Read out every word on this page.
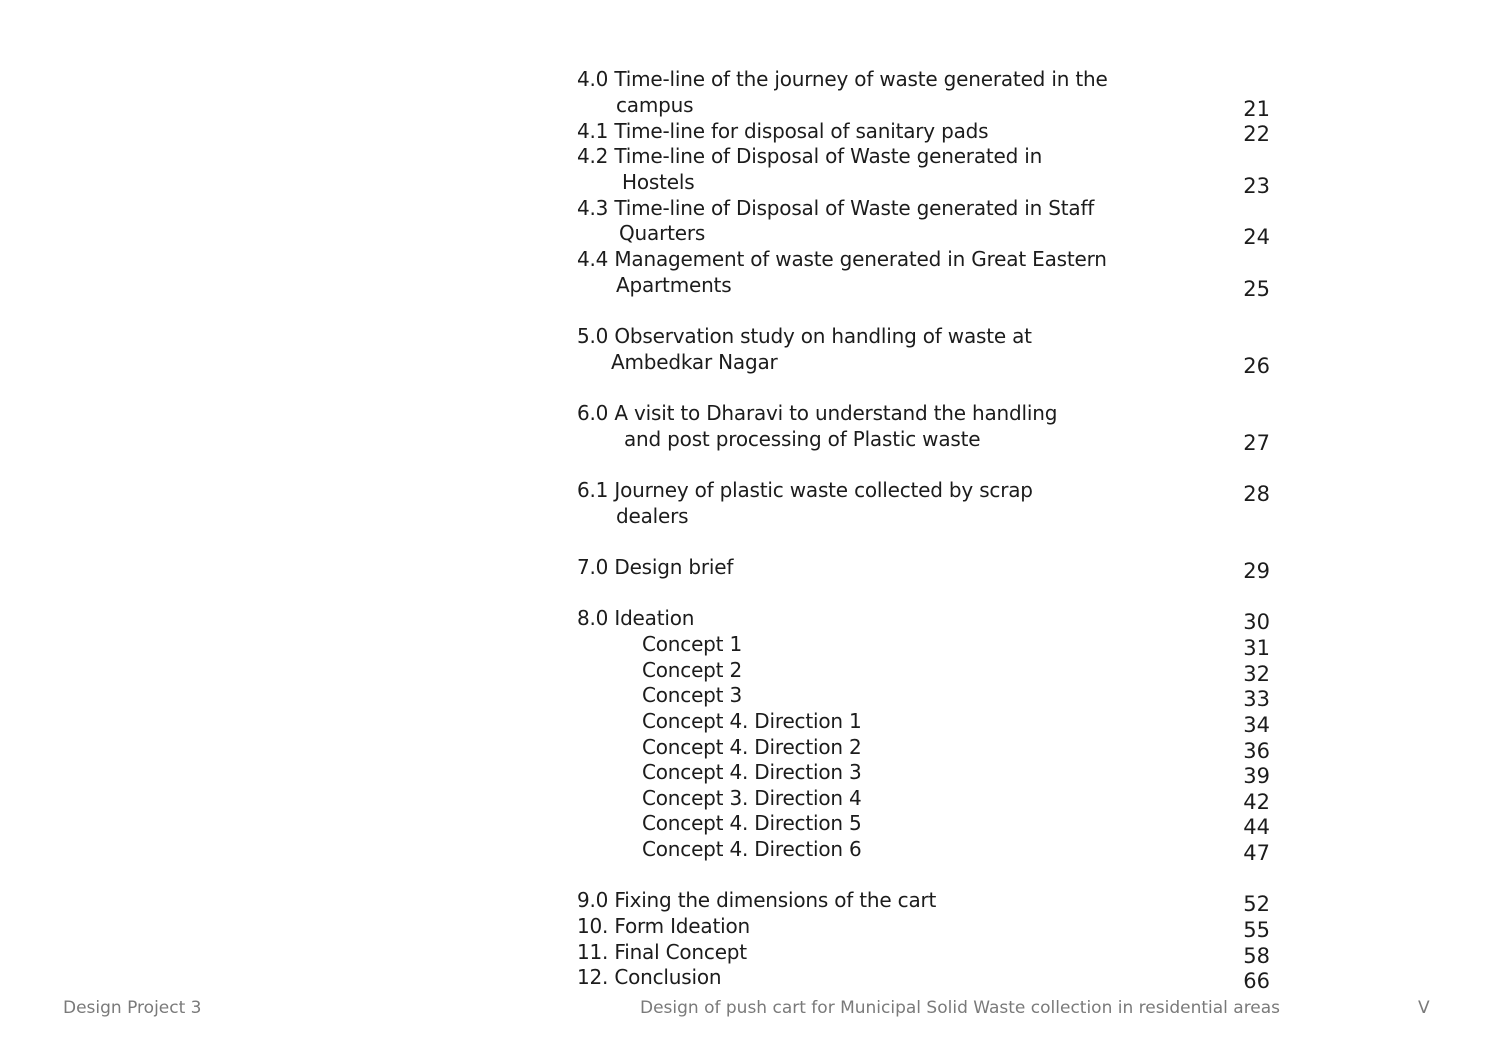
4.0 Time-line of the journey of waste generated in the
campus
4.1 Time-line for disposal of sanitary pads
4.2 Time-line of Disposal of Waste generated in
Hostels
4.3 Time-line of Disposal of Waste generated in Staff
Quarters
4.4 Management of waste generated in Great Eastern
Apartments
5.0 Observation study on handling of waste at
Ambedkar Nagar
6.0 A visit to Dharavi to understand the handling
and post processing of Plastic waste
6.1 Journey of plastic waste collected by scrap
dealers
7.0 Design brief
8.0 Ideation
Concept 1
Concept 2
Concept 3
Concept 4. Direction 1
Concept 4. Direction 2
Concept 4. Direction 3
Concept 3. Direction 4
Concept 4. Direction 5
Concept 4. Direction 6
9.0 Fixing the dimensions of the cart
10. Form Ideation
11. Final Concept
12. Conclusion
21
22
23
24
25
26
27
28
29
30
31
32
33
34
36
39
42
44
47
52
55
58
66
Design Project 3	Design of push cart for Municipal Solid Waste collection in residential areas	V
